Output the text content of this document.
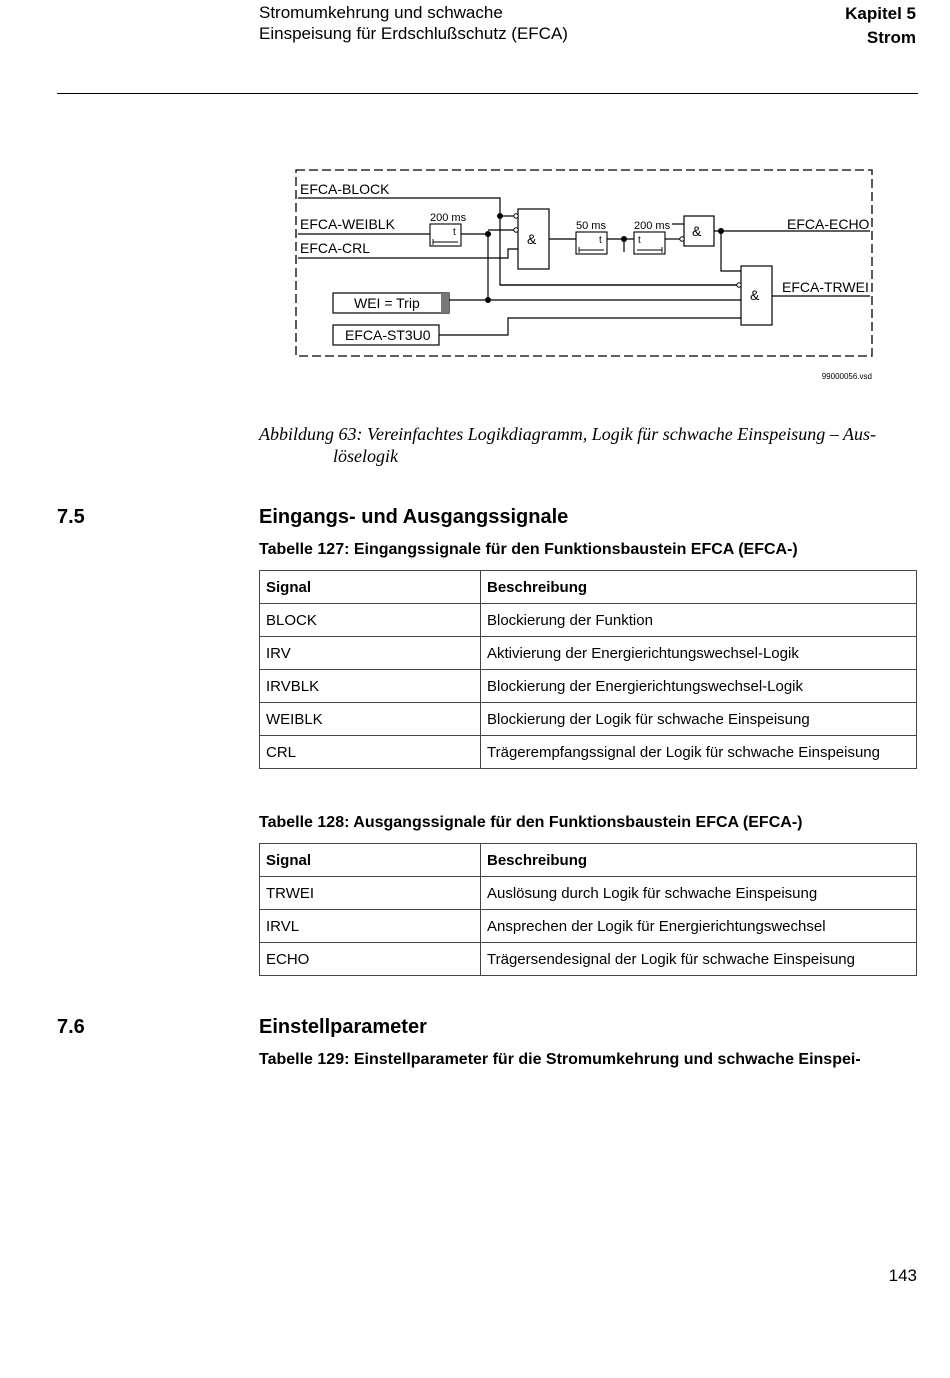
Stromumkehrung und schwache
Einspeisung für Erdschlußschutz (EFCA)
Kapitel 5
Strom
EFCA-BLOCK
EFCA-WEIBLK
EFCA-CRL
EFCA-ECHO
EFCA-TRWEI
WEI = Trip
EFCA-ST3U0
200 ms
t
50 ms
t
200 ms
t
&	&
&
99000056.vsd
Abbildung 63: Vereinfachtes Logikdiagramm, Logik für schwache Einspeisung – Aus-
löselogik
7.5	Eingangs- und Ausgangssignale
Tabelle 127: Eingangssignale für den Funktionsbaustein EFCA (EFCA-)
Signal	Beschreibung
BLOCK	Blockierung der Funktion
IRV	Aktivierung der Energierichtungswechsel-Logik
IRVBLK	Blockierung der Energierichtungswechsel-Logik
WEIBLK	Blockierung der Logik für schwache Einspeisung
CRL	Trägerempfangssignal der Logik für schwache Einspeisung
Tabelle 128: Ausgangssignale für den Funktionsbaustein EFCA (EFCA-)
Signal	Beschreibung
TRWEI	Auslösung durch Logik für schwache Einspeisung
IRVL	Ansprechen der Logik für Energierichtungswechsel
ECHO	Trägersendesignal der Logik für schwache Einspeisung
7.6	Einstellparameter
Tabelle 129: Einstellparameter für die Stromumkehrung und schwache Einspei-
143
